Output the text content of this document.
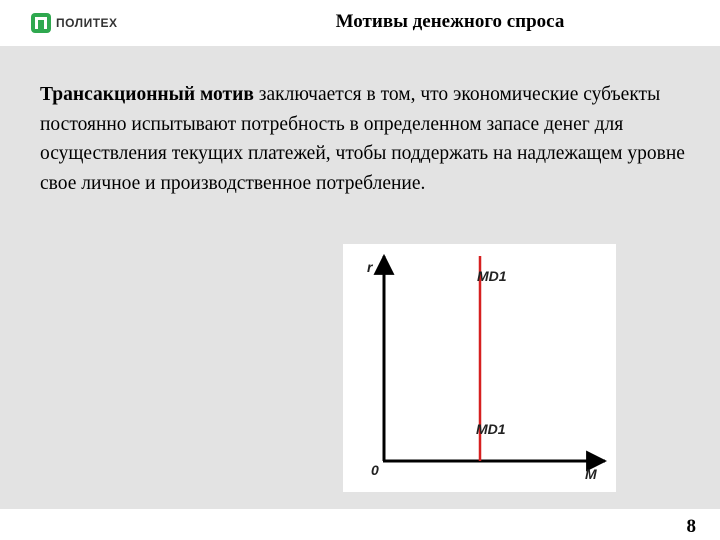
ПОЛИТЕХ	Мотивы денежного спроса

Трансакционный мотив заключается в том, что экономические субъекты постоянно испытывают потребность в определенном запасе денег для осуществления текущих платежей, чтобы поддержать на надлежащем уровне свое личное и производственное потребление.

r
M
0
MD1
MD1
8
